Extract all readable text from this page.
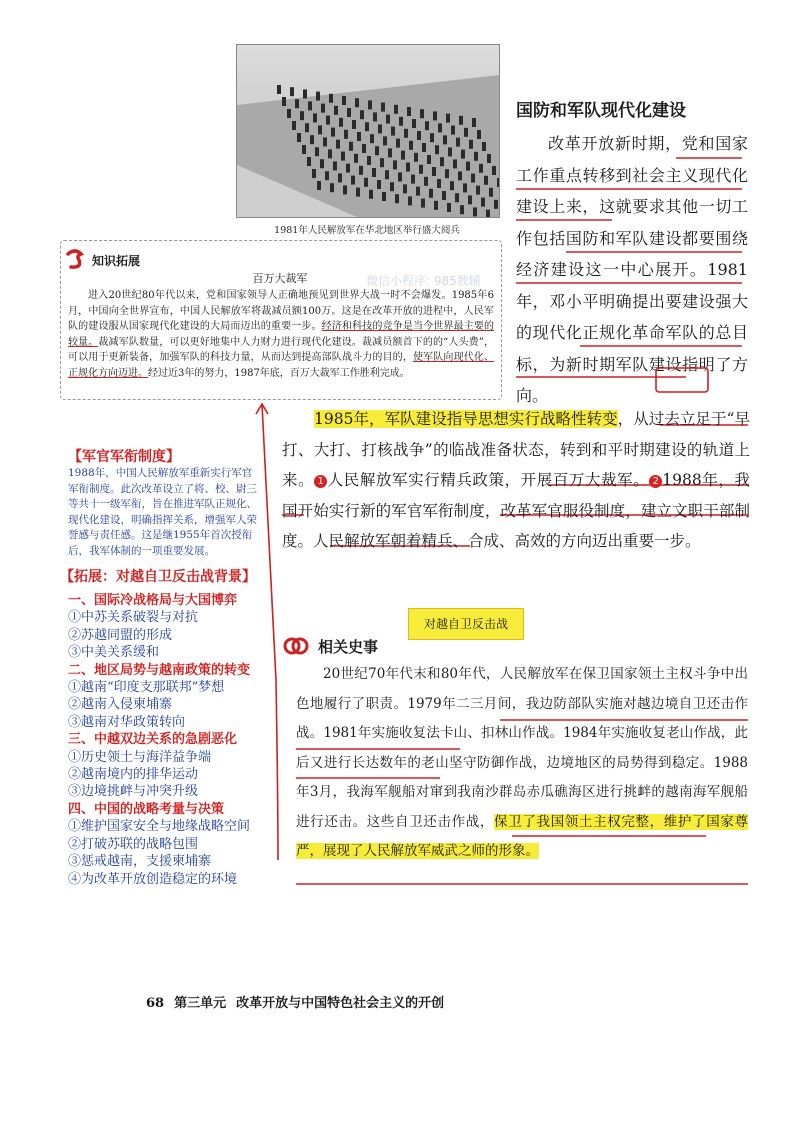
1981年人民解放军在华北地区举行盛大阅兵
知识拓展
百万大裁军
进入20世纪80年代以来，党和国家领导人正确地预见到世界大战一时不会爆发。1985年6月，中国向全世界宣布，中国人民解放军将裁减员额100万。这是在改革开放的进程中，人民军队的建设服从国家现代化建设的大局而迈出的重要一步。经济和科技的竞争是当今世界最主要的较量。裁减军队数量，可以更好地集中人力财力进行现代化建设。裁减员额首下的的“人头费”，可以用于更新装备，加强军队的科技力量，从而达到提高部队战斗力的目的，使军队向现代化、正规化方向迈进。经过近3年的努力，1987年底，百万大裁军工作胜利完成。
微信小程序: 985教辅
国防和军队现代化建设
改革开放新时期，党和国家工作重点转移到社会主义现代化建设上来，这就要求其他一切工作包括国防和军队建设都要围绕经济建设这一中心展开。1981年，邓小平明确提出要建设强大的现代化正规化革命军队的总目标，为新时期军队建设指明了方向。
1985年，军队建设指导思想实行战略性转变，从过去立足于“早打、大打、打核战争”的临战准备状态，转到和平时期建设的轨道上来。 1 人民解放军实行精兵政策，开展百万大裁军。 2 1988年，我国开始实行新的军官军衔制度，改革军官服役制度，建立文职干部制度。人民解放军朝着精兵、合成、高效的方向迈出重要一步。
【军官军衔制度】
1988年，中国人民解放军重新实行军官军衔制度。此次改革设立了将、校、尉三等共十一级军衔，旨在推进军队正规化、现代化建设，明确指挥关系，增强军人荣誉感与责任感。这是继1955年首次授衔后，我军体制的一项重要发展。
【拓展：对越自卫反击战背景】
一、国际冷战格局与大国博弈
①中苏关系破裂与对抗
②苏越同盟的形成
③中美关系缓和
二、地区局势与越南政策的转变
①越南“印度支那联邦”梦想
②越南入侵柬埔寨
③越南对华政策转向
三、中越双边关系的急剧恶化
①历史领土与海洋益争端
②越南境内的排华运动
③边境挑衅与冲突升级
四、中国的战略考量与决策
①维护国家安全与地缘战略空间
②打破苏联的战略包围
③惩戒越南，支援柬埔寨
④为改革开放创造稳定的环境
对越自卫反击战
相关史事
20世纪70年代末和80年代，人民解放军在保卫国家领土主权斗争中出色地履行了职责。1979年二三月间，我边防部队实施对越边境自卫还击作战。1981年实施收复法卡山、扣林山作战。1984年实施收复老山作战，此后又进行长达数年的老山坚守防御作战，边境地区的局势得到稳定。1988年3月，我海军舰船对窜到我南沙群岛赤瓜礁海区进行挑衅的越南海军舰船进行还击。这些自卫还击作战，保卫了我国领土主权完整，维护了国家尊严，展现了人民解放军威武之师的形象。
68 第三单元 改革开放与中国特色社会主义的开创
